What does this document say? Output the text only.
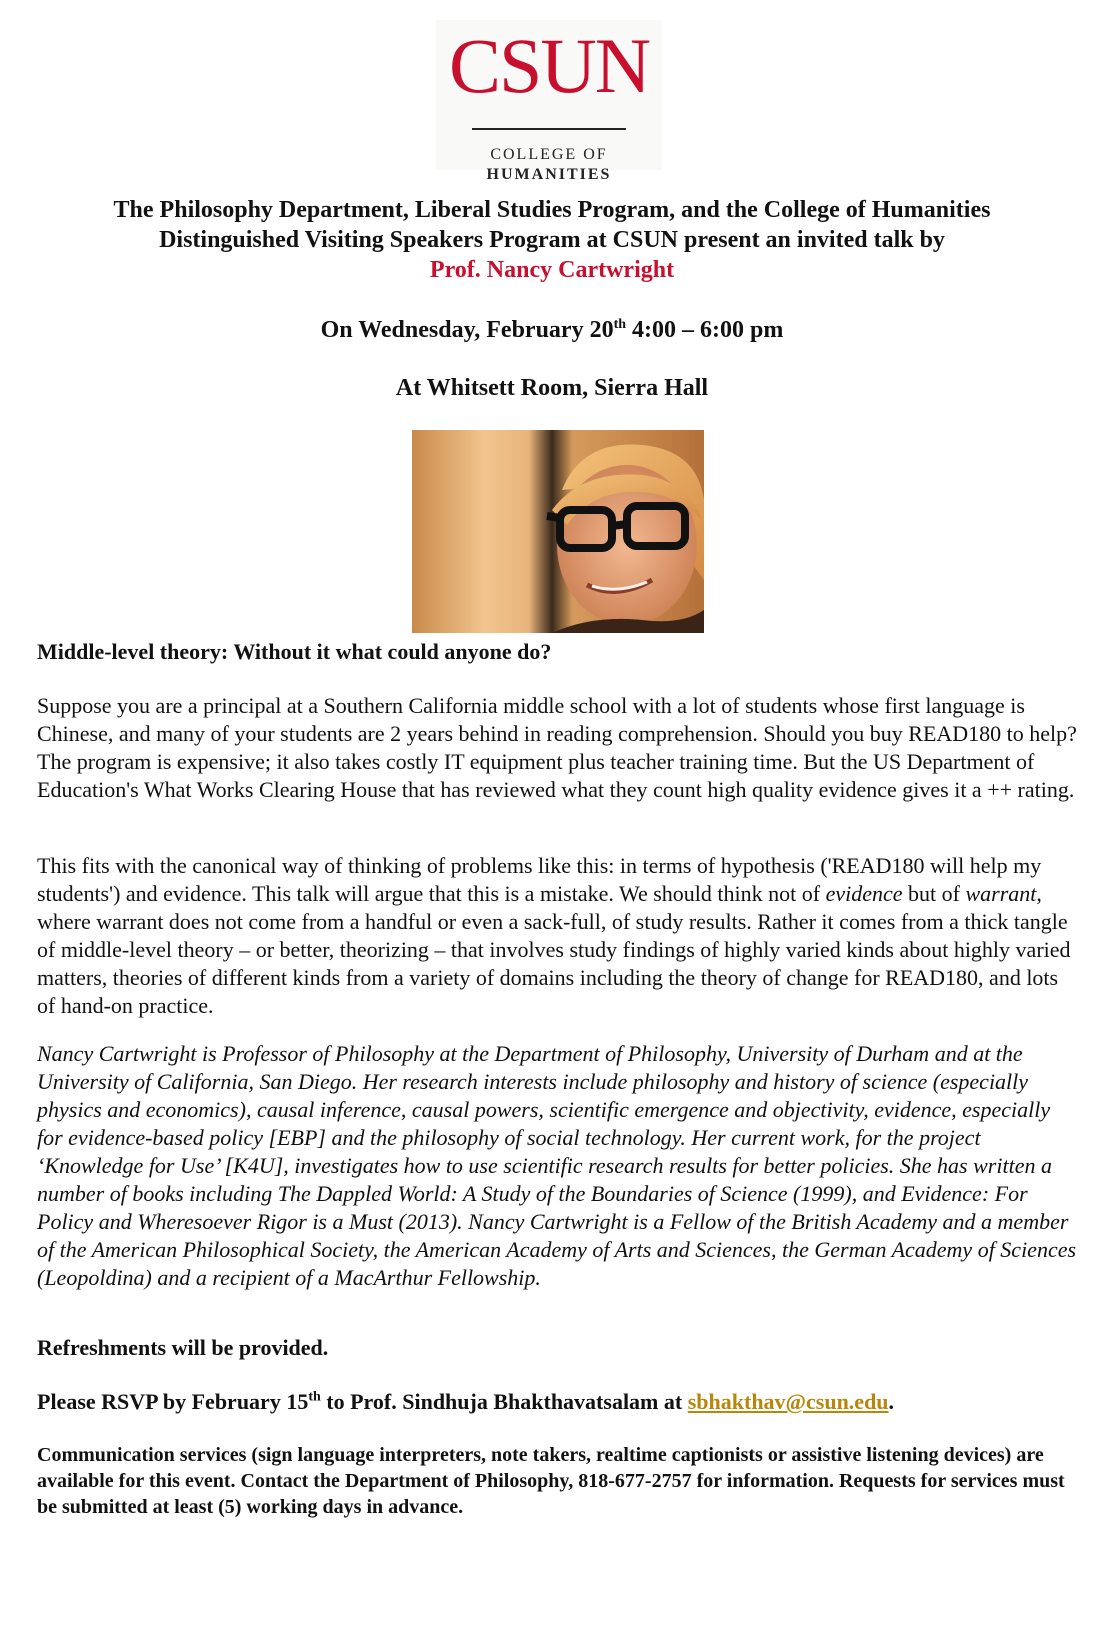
CSUN
COLLEGE OF
HUMANITIES
The Philosophy Department, Liberal Studies Program, and the College of Humanities
Distinguished Visiting Speakers Program at CSUN present an invited talk by
Prof. Nancy Cartwright
On Wednesday, February 20th 4:00 – 6:00 pm
At Whitsett Room, Sierra Hall
Middle-level theory: Without it what could anyone do?
Suppose you are a principal at a Southern California middle school with a lot of students whose first language is Chinese, and many of your students are 2 years behind in reading comprehension. Should you buy READ180 to help? The program is expensive; it also takes costly IT equipment plus teacher training time. But the US Department of Education's What Works Clearing House that has reviewed what they count high quality evidence gives it a ++ rating.
This fits with the canonical way of thinking of problems like this: in terms of hypothesis ('READ180 will help my students') and evidence. This talk will argue that this is a mistake. We should think not of evidence but of warrant, where warrant does not come from a handful or even a sack-full, of study results. Rather it comes from a thick tangle of middle-level theory – or better, theorizing – that involves study findings of highly varied kinds about highly varied matters, theories of different kinds from a variety of domains including the theory of change for READ180, and lots of hand-on practice.
Nancy Cartwright is Professor of Philosophy at the Department of Philosophy, University of Durham and at the University of California, San Diego. Her research interests include philosophy and history of science (especially physics and economics), causal inference, causal powers, scientific emergence and objectivity, evidence, especially for evidence-based policy [EBP] and the philosophy of social technology. Her current work, for the project ‘Knowledge for Use’ [K4U], investigates how to use scientific research results for better policies. She has written a number of books including The Dappled World: A Study of the Boundaries of Science (1999), and Evidence: For Policy and Wheresoever Rigor is a Must (2013). Nancy Cartwright is a Fellow of the British Academy and a member of the American Philosophical Society, the American Academy of Arts and Sciences, the German Academy of Sciences (Leopoldina) and a recipient of a MacArthur Fellowship.
Refreshments will be provided.
Please RSVP by February 15th to Prof. Sindhuja Bhakthavatsalam at sbhakthav@csun.edu.
Communication services (sign language interpreters, note takers, realtime captionists or assistive listening devices) are available for this event. Contact the Department of Philosophy, 818-677-2757 for information. Requests for services must be submitted at least (5) working days in advance.
